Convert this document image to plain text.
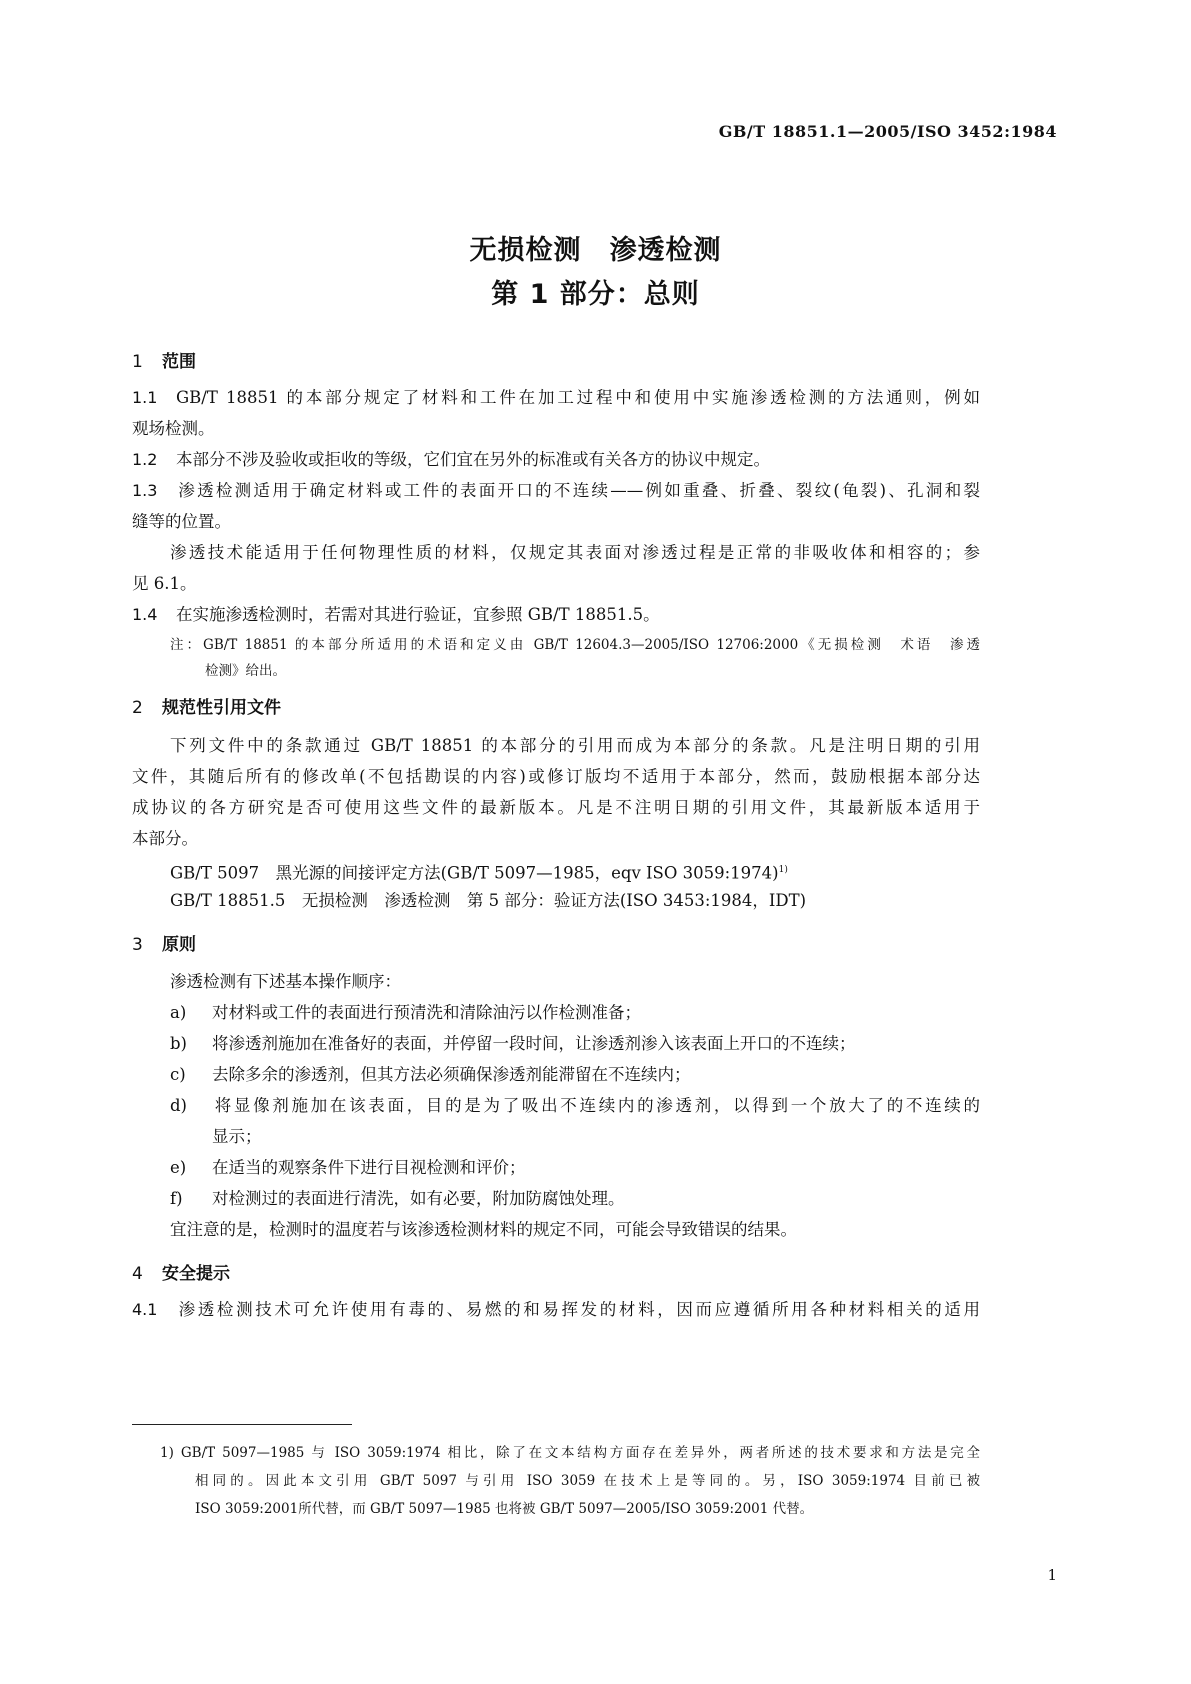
GB/T 18851.1—2005/ISO 3452:1984
无损检测　渗透检测
第 1 部分：总则
1 范围
1.1 GB/T 18851 的本部分规定了材料和工件在加工过程中和使用中实施渗透检测的方法通则，例如
观场检测。
1.2 本部分不涉及验收或拒收的等级，它们宜在另外的标准或有关各方的协议中规定。
1.3 渗透检测适用于确定材料或工件的表面开口的不连续——例如重叠、折叠、裂纹(龟裂)、孔洞和裂
缝等的位置。
渗透技术能适用于任何物理性质的材料，仅规定其表面对渗透过程是正常的非吸收体和相容的；参
见 6.1。
1.4 在实施渗透检测时，若需对其进行验证，宜参照 GB/T 18851.5。
注：GB/T 18851 的本部分所适用的术语和定义由 GB/T 12604.3—2005/ISO 12706:2000《无损检测　术语　渗透
检测》给出。
2 规范性引用文件
下列文件中的条款通过 GB/T 18851 的本部分的引用而成为本部分的条款。凡是注明日期的引用
文件，其随后所有的修改单(不包括勘误的内容)或修订版均不适用于本部分，然而，鼓励根据本部分达
成协议的各方研究是否可使用这些文件的最新版本。凡是不注明日期的引用文件，其最新版本适用于
本部分。
GB/T 5097　黑光源的间接评定方法(GB/T 5097—1985，eqv ISO 3059:1974)$^{1)}$
GB/T 18851.5　无损检测　渗透检测　第 5 部分：验证方法(ISO 3453:1984，IDT)
3 原则
渗透检测有下述基本操作顺序：
a) 对材料或工件的表面进行预清洗和清除油污以作检测准备；
b) 将渗透剂施加在准备好的表面，并停留一段时间，让渗透剂渗入该表面上开口的不连续；
c) 去除多余的渗透剂，但其方法必须确保渗透剂能滞留在不连续内；
d) 将显像剂施加在该表面，目的是为了吸出不连续内的渗透剂，以得到一个放大了的不连续的
显示；
e) 在适当的观察条件下进行目视检测和评价；
f) 对检测过的表面进行清洗，如有必要，附加防腐蚀处理。
宜注意的是，检测时的温度若与该渗透检测材料的规定不同，可能会导致错误的结果。
4 安全提示
4.1 渗透检测技术可允许使用有毒的、易燃的和易挥发的材料，因而应遵循所用各种材料相关的适用
1) GB/T 5097—1985 与 ISO 3059:1974 相比，除了在文本结构方面存在差异外，两者所述的技术要求和方法是完全
相同的。因此本文引用 GB/T 5097 与引用 ISO 3059 在技术上是等同的。另，ISO 3059:1974 目前已被
ISO 3059:2001所代替，而 GB/T 5097—1985 也将被 GB/T 5097—2005/ISO 3059:2001 代替。
1
